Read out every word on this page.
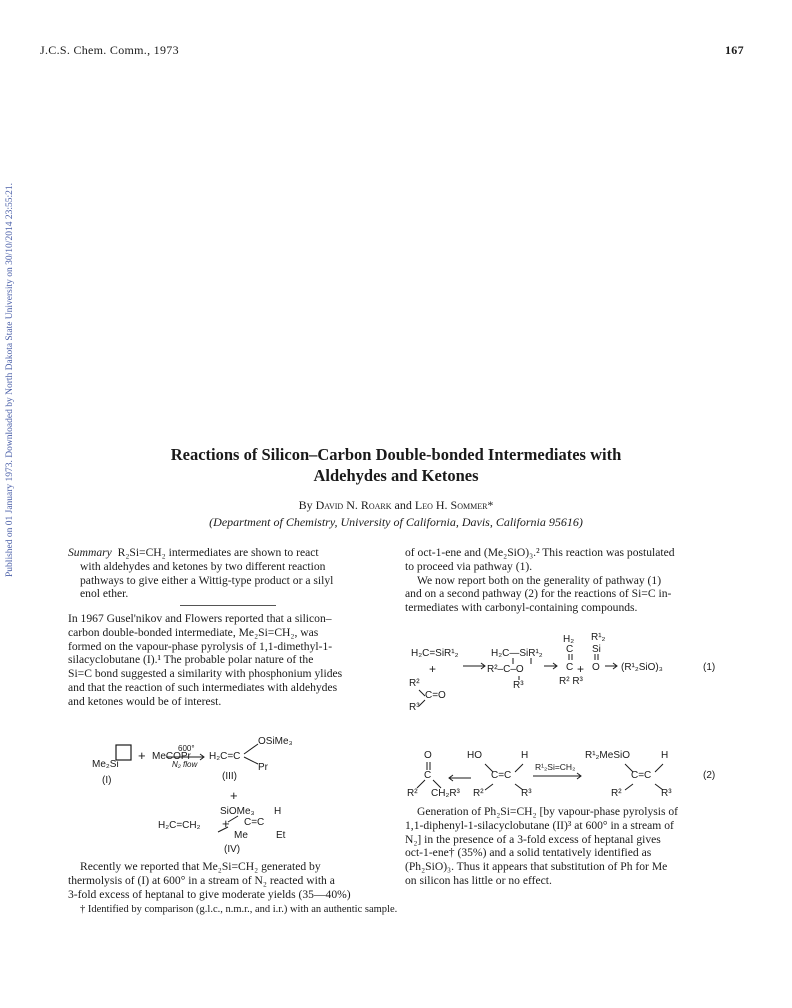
J.C.S. Chem. Comm., 1973	167
Published on 01 January 1973. Downloaded by North Dakota State University on 30/10/2014 23:55:21.	Reactions of Silicon–Carbon Double-bonded Intermediates with
Aldehydes and Ketones
By David N. Roark and Leo H. Sommer*
(Department of Chemistry, University of California, Davis, California 95616)

Summary R₂Si=CH₂ intermediates are shown to react

with aldehydes and ketones by two different reaction

pathways to give either a Wittig-type product or a silyl

enol ether.

In 1967 Gusel'nikov and Flowers reported that a silicon–

carbon double-bonded intermediate, Me₂Si=CH₂, was

formed on the vapour-phase pyrolysis of 1,1-dimethyl-1-

silacyclobutane (I).¹ The probable polar nature of the

Si=C bond suggested a similarity with phosphonium ylides

and that the reaction of such intermediates with aldehydes

and ketones would be of interest.

Me₂Si
+ MeCOPr
600°
N₂ flow
OSiMe₃
H₂C=C
Pr
(I)	(III)
+
SiOMe₃ H
C=C
Me	Et
H₂C=CH₂ +
(IV)

Recently we reported that Me₂Si=CH₂ generated by

thermolysis of (I) at 600° in a stream of N₂ reacted with a

3-fold excess of heptanal to give moderate yields (35—40%)

of oct-1-ene and (Me₂SiO)₃.² This reaction was postulated

to proceed via pathway (1).

We now report both on the generality of pathway (1)

and on a second pathway (2) for the reactions of Si=C in-

termediates with carbonyl-containing compounds.

H₂C=SiR¹₂
+
R²
C=O
R³
H₂C—SiR¹₂
R²–C–O
R³
H₂ R¹₂
C Si
C + O
R² R³
(R¹₂SiO)₃	(1)
O
C
R² CH₂R³
HO	H
C=C
R²	R³
R¹₂Si=CH₂
R¹₂MeSiO	H
C=C
R²	R³
(2)

Generation of Ph₂Si=CH₂ [by vapour-phase pyrolysis of

1,1-diphenyl-1-silacyclobutane (II)³ at 600° in a stream of

N₂] in the presence of a 3-fold excess of heptanal gives

oct-1-ene† (35%) and a solid tentatively identified as

(Ph₂SiO)₃. Thus it appears that substitution of Ph for Me

on silicon has little or no effect.

† Identified by comparison (g.l.c., n.m.r., and i.r.) with an authentic sample.
